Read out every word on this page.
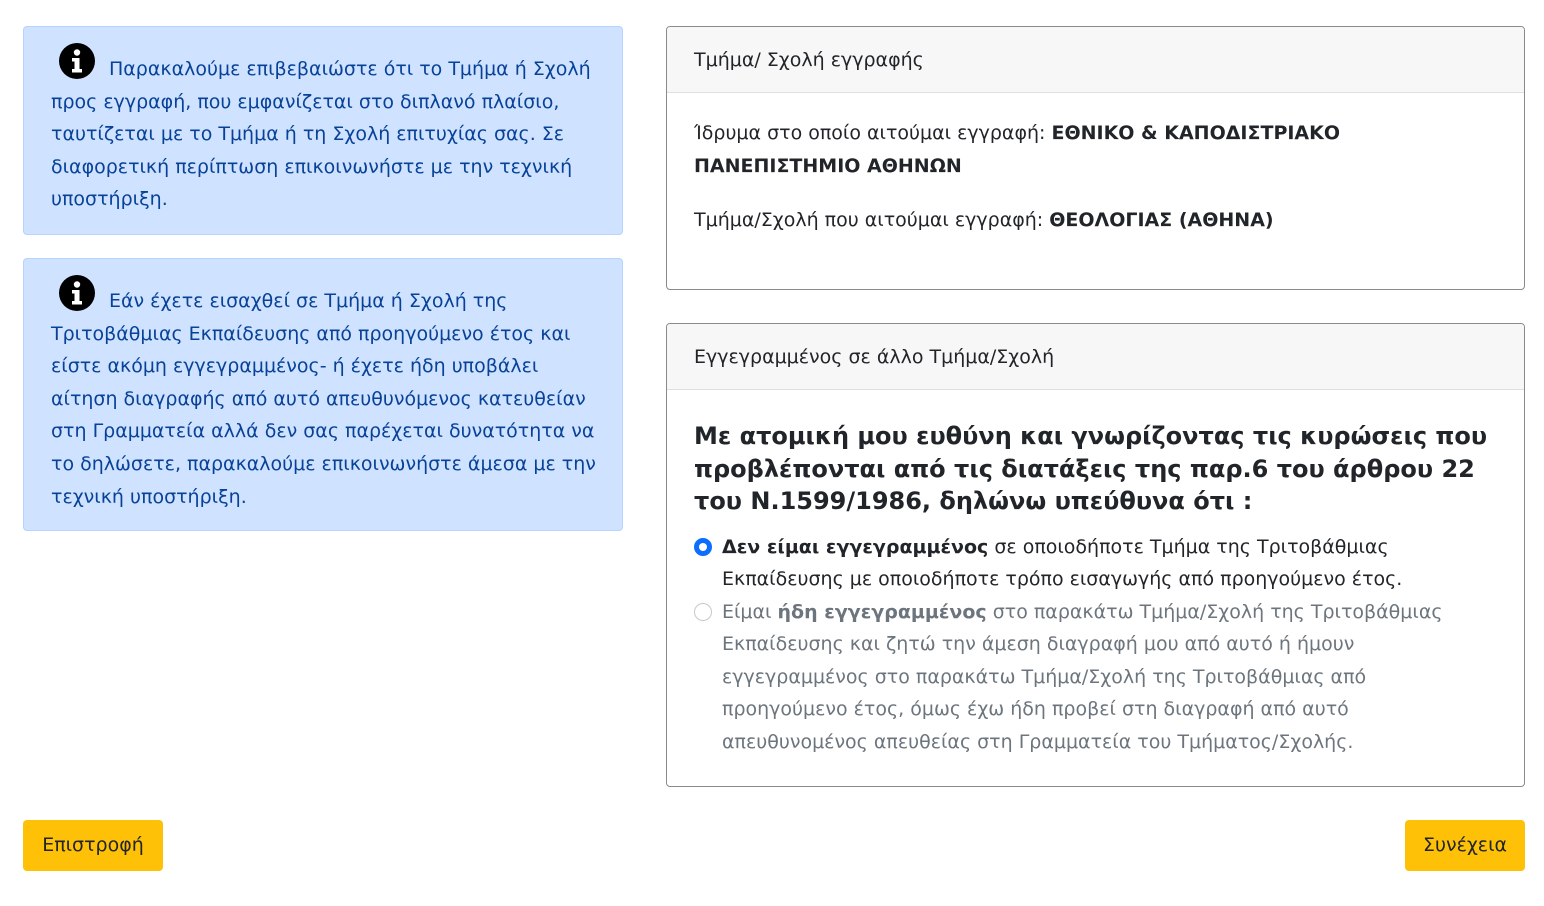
Παρακαλούμε επιβεβαιώστε ότι το Τμήμα ή Σχολή προς εγγραφή, που εμφανίζεται στο διπλανό πλαίσιο, ταυτίζεται με το Τμήμα ή τη Σχολή επιτυχίας σας. Σε διαφορετική περίπτωση επικοινωνήστε με την τεχνική υποστήριξη.
Εάν έχετε εισαχθεί σε Τμήμα ή Σχολή της Τριτοβάθμιας Εκπαίδευσης από προηγούμενο έτος και είστε ακόμη εγγεγραμμένος- ή έχετε ήδη υποβάλει αίτηση διαγραφής από αυτό απευθυνόμενος κατευθείαν στη Γραμματεία αλλά δεν σας παρέχεται δυνατότητα να το δηλώσετε, παρακαλούμε επικοινωνήστε άμεσα με την τεχνική υποστήριξη.
Τμήμα/ Σχολή εγγραφής

Ίδρυμα στο οποίο αιτούμαι εγγραφή: ΕΘΝΙΚΟ & ΚΑΠΟΔΙΣΤΡΙΑΚΟ ΠΑΝΕΠΙΣΤΗΜΙΟ ΑΘΗΝΩΝ

Τμήμα/Σχολή που αιτούμαι εγγραφή: ΘΕΟΛΟΓΙΑΣ (ΑΘΗΝΑ)

Εγγεγραμμένος σε άλλο Τμήμα/Σχολή
Με ατομική μου ευθύνη και γνωρίζοντας τις κυρώσεις που προβλέπονται από τις διατάξεις της παρ.6 του άρθρου 22 του Ν.1599/1986, δηλώνω υπεύθυνα ότι :
Δεν είμαι εγγεγραμμένος σε οποιοδήποτε Τμήμα της Τριτοβάθμιας Εκπαίδευσης με οποιοδήποτε τρόπο εισαγωγής από προηγούμενο έτος.
Είμαι ήδη εγγεγραμμένος στο παρακάτω Τμήμα/Σχολή της Τριτοβάθμιας Εκπαίδευσης και ζητώ την άμεση διαγραφή μου από αυτό ή ήμουν εγγεγραμμένος στο παρακάτω Τμήμα/Σχολή της Τριτοβάθμιας από προηγούμενο έτος, όμως έχω ήδη προβεί στη διαγραφή από αυτό απευθυνομένος απευθείας στη Γραμματεία του Τμήματος/Σχολής.
Επιστροφή	Συνέχεια
